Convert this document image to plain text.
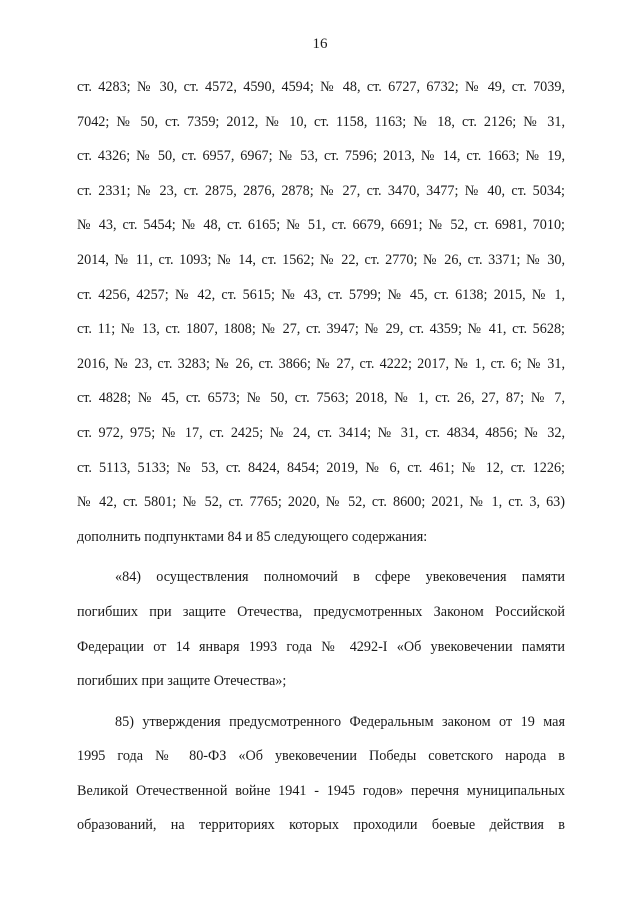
16
ст. 4283; № 30, ст. 4572, 4590, 4594; № 48, ст. 6727, 6732; № 49, ст. 7039,
7042; № 50, ст. 7359; 2012, № 10, ст. 1158, 1163; № 18, ст. 2126; № 31,
ст. 4326; № 50, ст. 6957, 6967; № 53, ст. 7596; 2013, № 14, ст. 1663; № 19,
ст. 2331; № 23, ст. 2875, 2876, 2878; № 27, ст. 3470, 3477; № 40, ст. 5034;
№ 43, ст. 5454; № 48, ст. 6165; № 51, ст. 6679, 6691; № 52, ст. 6981, 7010;
2014, № 11, ст. 1093; № 14, ст. 1562; № 22, ст. 2770; № 26, ст. 3371; № 30,
ст. 4256, 4257; № 42, ст. 5615; № 43, ст. 5799; № 45, ст. 6138; 2015, № 1,
ст. 11; № 13, ст. 1807, 1808; № 27, ст. 3947; № 29, ст. 4359; № 41, ст. 5628;
2016, № 23, ст. 3283; № 26, ст. 3866; № 27, ст. 4222; 2017, № 1, ст. 6; № 31,
ст. 4828; № 45, ст. 6573; № 50, ст. 7563; 2018, № 1, ст. 26, 27, 87; № 7,
ст. 972, 975; № 17, ст. 2425; № 24, ст. 3414; № 31, ст. 4834, 4856; № 32,
ст. 5113, 5133; № 53, ст. 8424, 8454; 2019, № 6, ст. 461; № 12, ст. 1226;
№ 42, ст. 5801; № 52, ст. 7765; 2020, № 52, ст. 8600; 2021, № 1, ст. 3, 63)
дополнить подпунктами 84 и 85 следующего содержания:
«84) осуществления полномочий в сфере увековечения памяти
погибших при защите Отечества, предусмотренных Законом Российской
Федерации от 14 января 1993 года № 4292-I «Об увековечении памяти
погибших при защите Отечества»;
85) утверждения предусмотренного Федеральным законом от 19 мая
1995 года № 80-ФЗ «Об увековечении Победы советского народа в
Великой Отечественной войне 1941 - 1945 годов» перечня муниципальных
образований, на территориях которых проходили боевые действия в
